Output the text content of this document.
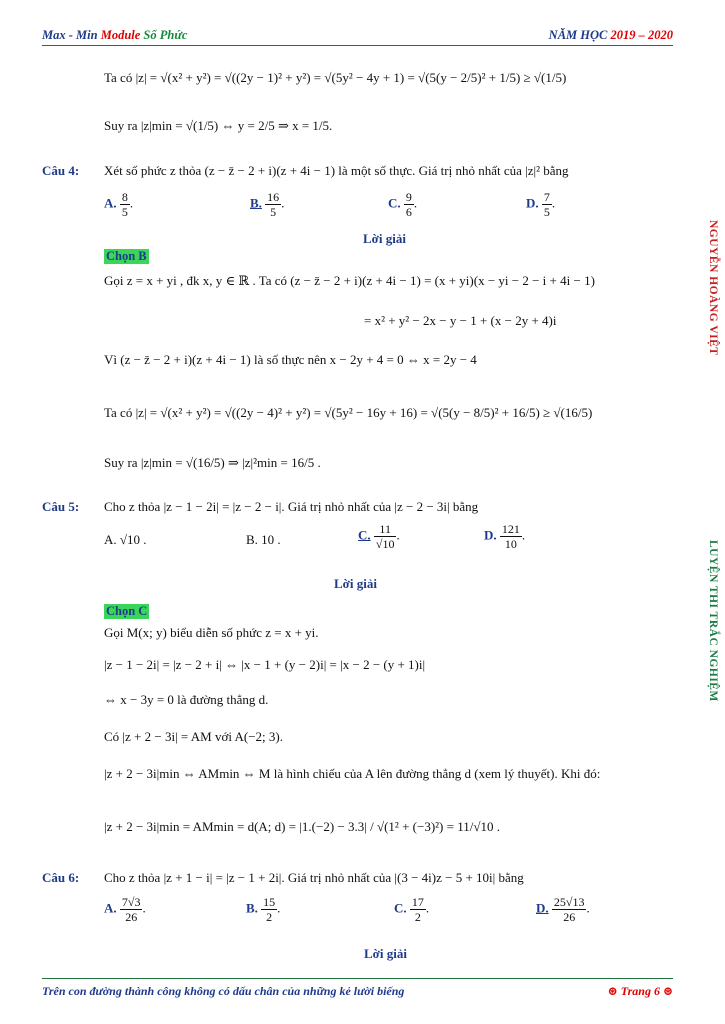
Max - Min Module Số Phức	NĂM HỌC 2019 – 2020
NGUYỄN HOÀNG VIỆT
LUYỆN THI TRẮC NGHIỆM
Ta có |z| = √(x² + y²) = √((2y − 1)² + y²) = √(5y² − 4y + 1) = √(5(y − 2/5)² + 1/5) ≥ √(1/5)
Suy ra |z|min = √(1/5) ⇔ y = 2/5 ⇒ x = 1/5.
Câu 4: Xét số phức z thỏa (z − z̄ − 2 + i)(z + 4i − 1) là một số thực. Giá trị nhỏ nhất của |z|² bằng
A. $\frac{8}{5}$ .	B. $\frac{16}{5}$ .	C. $\frac{9}{6}$ .	D. $\frac{7}{5}$ .
Lời giải
Chọn B
Gọi z = x + yi , đk x, y ∈ ℝ . Ta có (z − z̄ − 2 + i)(z + 4i − 1) = (x + yi)(x − yi − 2 − i + 4i − 1)
= x² + y² − 2x − y − 1 + (x − 2y + 4)i
Vì (z − z̄ − 2 + i)(z + 4i − 1) là số thực nên x − 2y + 4 = 0 ⇔ x = 2y − 4
Ta có |z| = √(x² + y²) = √((2y − 4)² + y²) = √(5y² − 16y + 16) = √(5(y − 8/5)² + 16/5) ≥ √(16/5)
Suy ra |z|min = √(16/5) ⇒ |z|²min = 16/5 .
Câu 5: Cho z thỏa |z − 1 − 2i| = |z − 2 − i|. Giá trị nhỏ nhất của |z − 2 − 3i| bằng
A. √10 .	B. 10 .	C. $\frac{11}{√10}$ .	D. $\frac{121}{10}$ .
Lời giải
Chọn C
Gọi M(x; y) biểu diễn số phức z = x + yi.
|z − 1 − 2i| = |z − 2 + i| ⇔ |x − 1 + (y − 2)i| = |x − 2 − (y + 1)i|
⇔ x − 3y = 0 là đường thẳng d.
Có |z + 2 − 3i| = AM với A(−2; 3).
|z + 2 − 3i|min ⇔ AMmin ⇔ M là hình chiếu của A lên đường thẳng d (xem lý thuyết). Khi đó:
|z + 2 − 3i|min = AMmin = d(A; d) = |1.(−2) − 3.3| / √(1² + (−3)²) = 11/√10 .
Câu 6: Cho z thỏa |z + 1 − i| = |z − 1 + 2i|. Giá trị nhỏ nhất của |(3 − 4i)z − 5 + 10i| bằng
A. $\frac{7√3}{26}$ .	B. $\frac{15}{2}$ .	C. $\frac{17}{2}$ .	D. $\frac{25√13}{26}$ .
Lời giải
Trên con đường thành công không có dấu chân của những kẻ lười biếng	⊛ Trang 6 ⊛
